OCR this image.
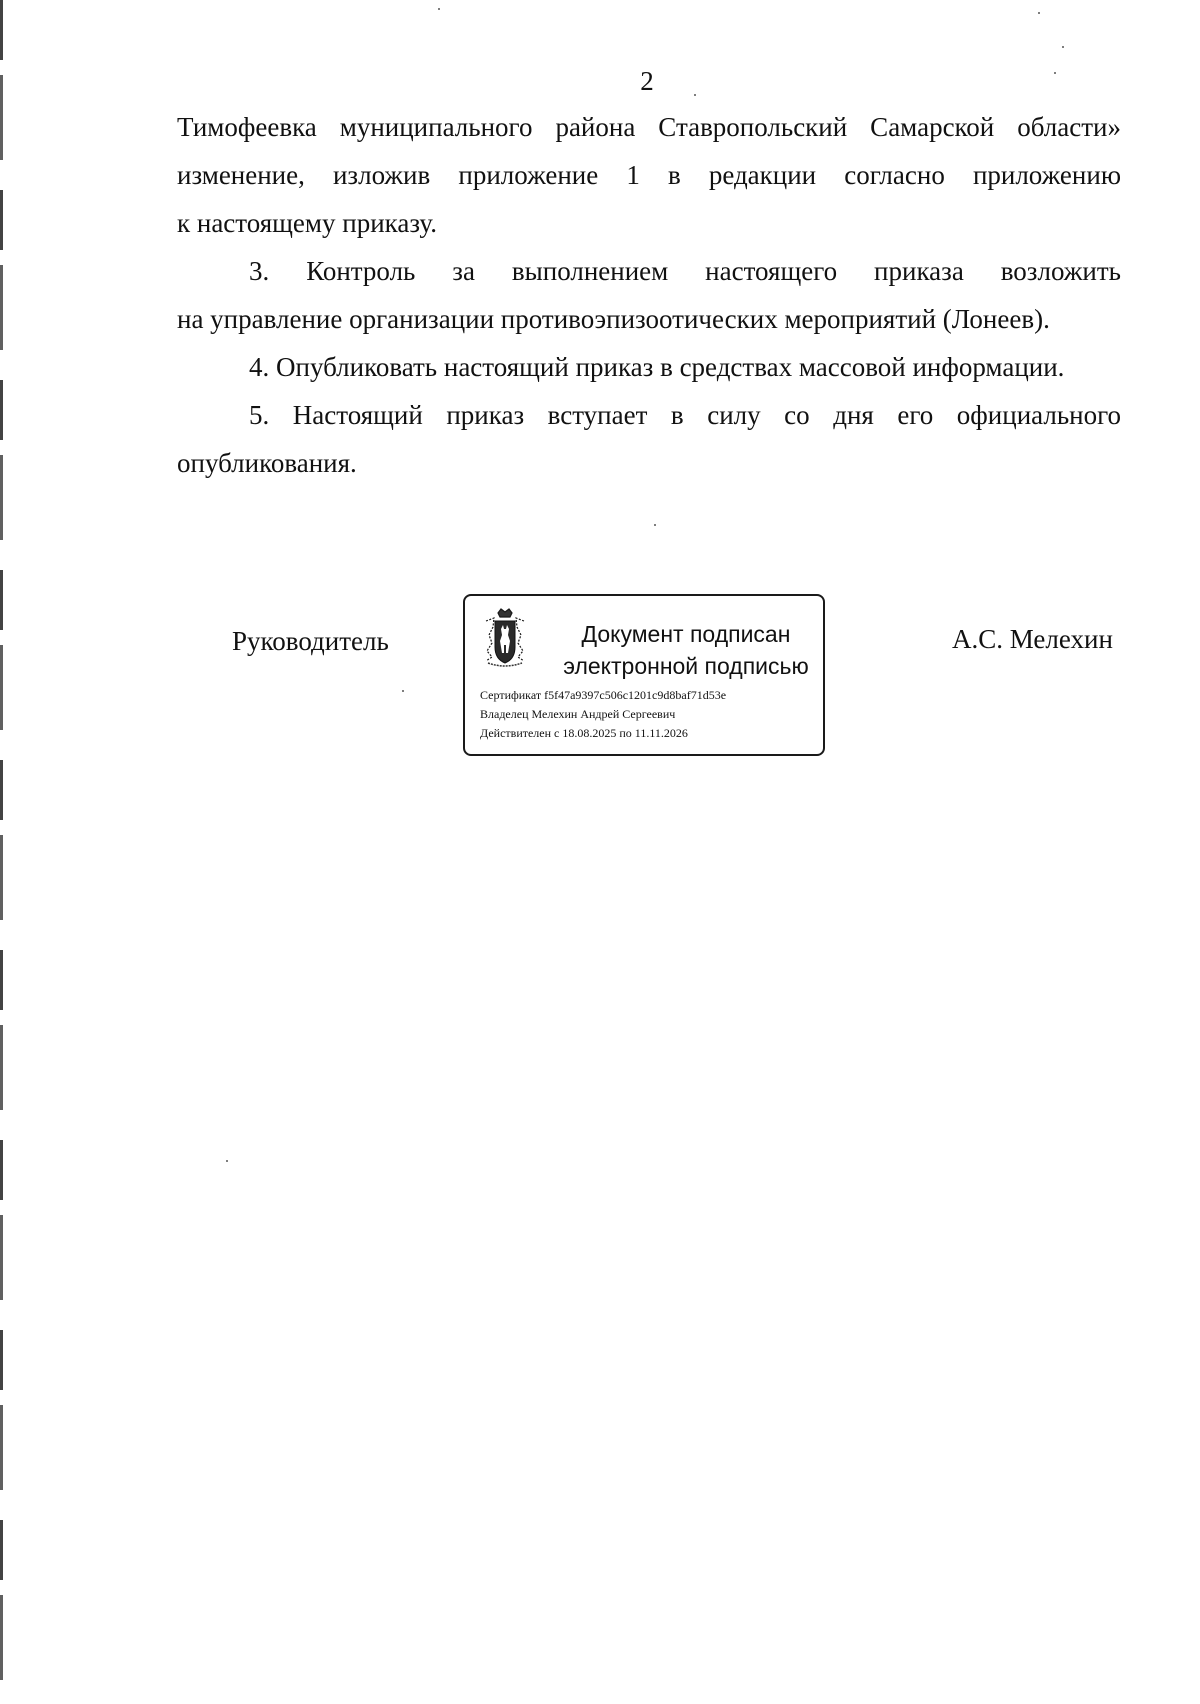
2

Тимофеевка муниципального района Ставропольский Самарской области»

изменение, изложив приложение 1 в редакции согласно приложению

к настоящему приказу.

3. Контроль за выполнением настоящего приказа возложить

на управление организации противоэпизоотических мероприятий (Лонеев).

4. Опубликовать настоящий приказ в средствах массовой информации.

5. Настоящий приказ вступает в силу со дня его официального

опубликования.

Руководитель	Документ подписан
электронной подписью
Сертификат f5f47a9397c506c1201c9d8baf71d53e
Владелец Мелехин Андрей Сергеевич
Действителен с 18.08.2025 по 11.11.2026
А.С. Мелехин
